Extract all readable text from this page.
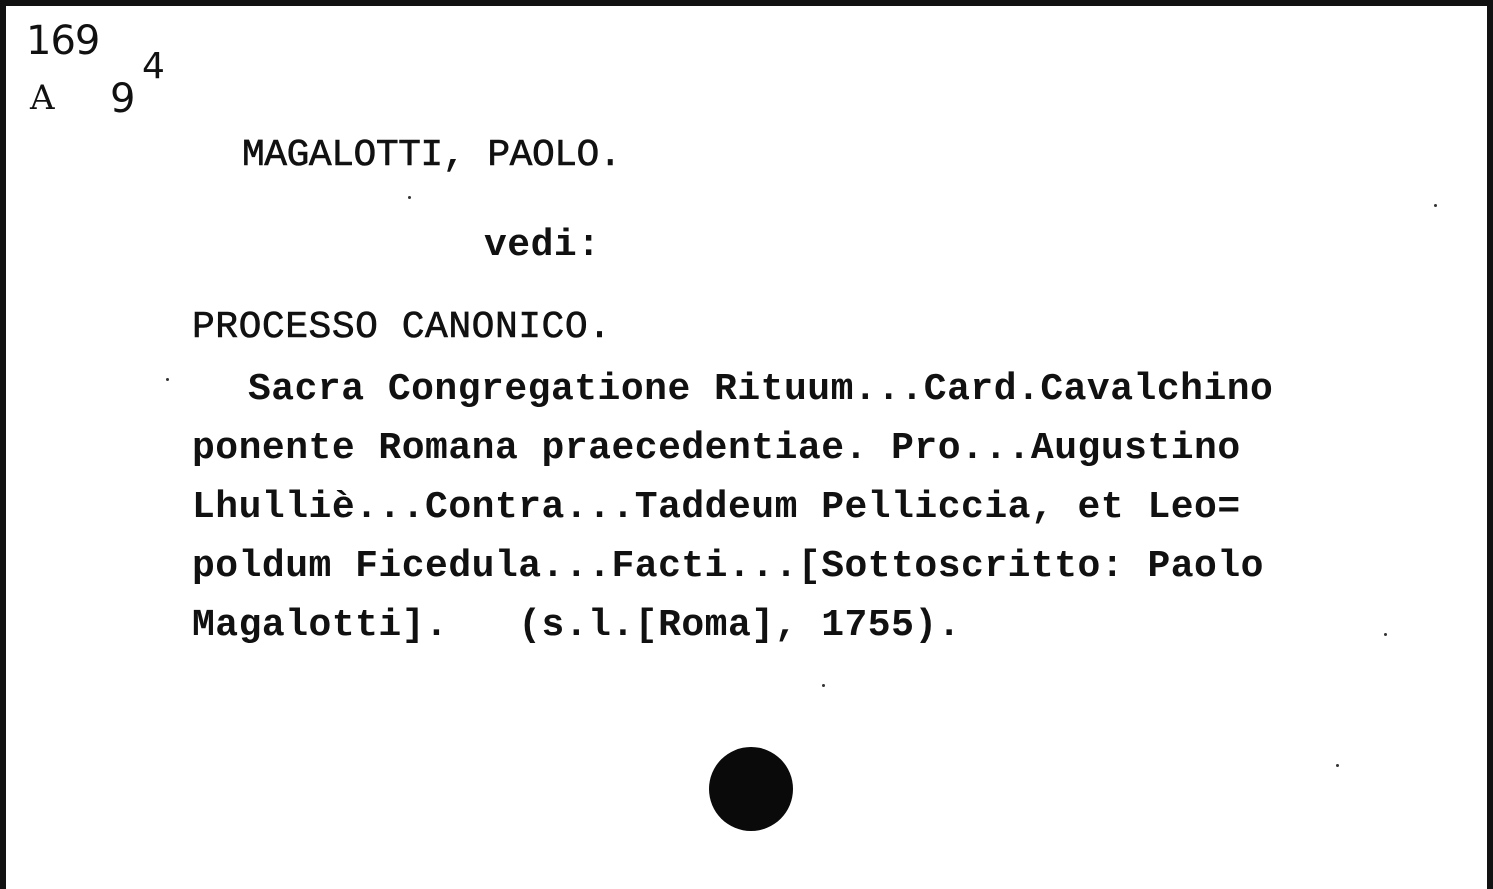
169
A 9
4
MAGALOTTI, PAOLO.
vedi:
PROCESSO CANONICO.
Sacra Congregatione Rituum...Card.Cavalchino
ponente Romana praecedentiae. Pro...Augustino
Lhulliè...Contra...Taddeum Pelliccia, et Leo=
poldum Ficedula...Facti...[Sottoscritto: Paolo
Magalotti].   (s.l.[Roma], 1755).
